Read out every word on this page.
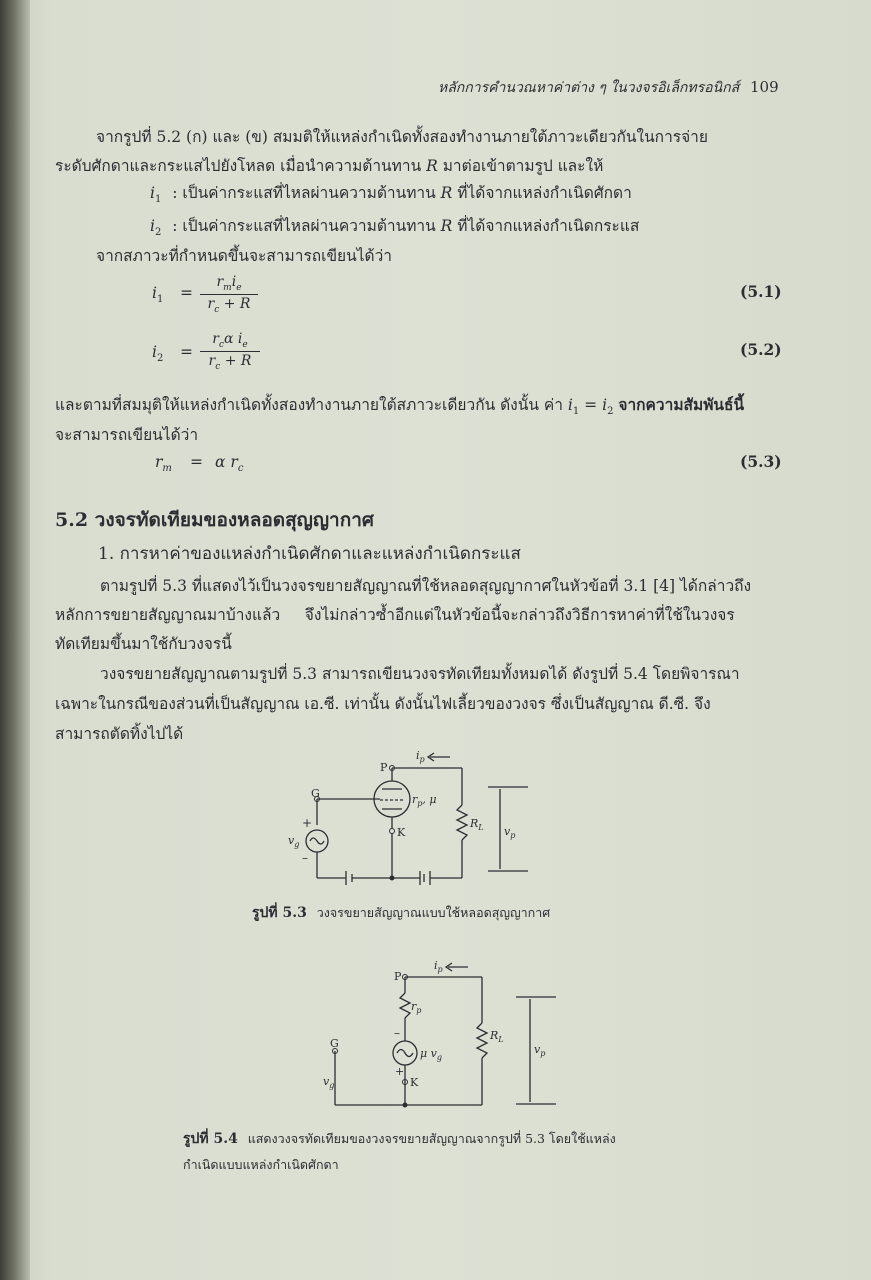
หลักการคำนวณหาค่าต่าง ๆ ในวงจรอิเล็กทรอนิกส์ 109
จากรูปที่ 5.2 (ก) และ (ข) สมมติให้แหล่งกำเนิดทั้งสองทำงานภายใต้ภาวะเดียวกันในการจ่าย
ระดับศักดาและกระแสไปยังโหลด เมื่อนำความต้านทาน R มาต่อเข้าตามรูป และให้
$i_1$ : เป็นค่ากระแสที่ไหลผ่านความต้านทาน R ที่ได้จากแหล่งกำเนิดศักดา
$i_2$ : เป็นค่ากระแสที่ไหลผ่านความต้านทาน R ที่ได้จากแหล่งกำเนิดกระแส
จากสภาวะที่กำหนดขึ้นจะสามารถเขียนได้ว่า
$i_1$ =
$r_mi_e$
$r_c + R$
(5.1)
$i_2$ =
$r_c\alpha$ $i_e$
$r_c + R$
(5.2)
และตามที่สมมุติให้แหล่งกำเนิดทั้งสองทำงานภายใต้สภาวะเดียวกัน ดังนั้น ค่า $i_1 = i_2$ จากความสัมพันธ์นี้
จะสามารถเขียนได้ว่า
$r_m = \alpha$ $r_c$	(5.3)
5.2 วงจรทัดเทียมของหลอดสุญญากาศ
1. การหาค่าของแหล่งกำเนิดศักดาและแหล่งกำเนิดกระแส
ตามรูปที่ 5.3 ที่แสดงไว้เป็นวงจรขยายสัญญาณที่ใช้หลอดสุญญากาศในหัวข้อที่ 3.1 [4] ได้กล่าวถึง
หลักการขยายสัญญาณมาบ้างแล้ว     จึงไม่กล่าวซ้ำอีกแต่ในหัวข้อนี้จะกล่าวถึงวิธีการหาค่าที่ใช้ในวงจร
ทัดเทียมขึ้นมาใช้กับวงจรนี้
วงจรขยายสัญญาณตามรูปที่ 5.3 สามารถเขียนวงจรทัดเทียมทั้งหมดได้ ดังรูปที่ 5.4 โดยพิจารณา
เฉพาะในกรณีของส่วนที่เป็นสัญญาณ เอ.ซี. เท่านั้น ดังนั้นไฟเลี้ยวของวงจร ซึ่งเป็นสัญญาณ ดี.ซี. จึง
สามารถตัดทิ้งไปได้
P
G
K
+
–
$v_g$
$r_p$, μ
$R_L$ $v_p$
$i_p$
รูปที่ 5.3 วงจรขยายสัญญาณแบบใช้หลอดสุญญากาศ
P
G
K
–
+
$r_p$
μ $v_g$
$R_L$
$v_p$
$v_g$
$i_p$
รูปที่ 5.4 แสดงวงจรทัดเทียมของวงจรขยายสัญญาณจากรูปที่ 5.3 โดยใช้แหล่ง
กำเนิดแบบแหล่งกำเนิดศักดา
